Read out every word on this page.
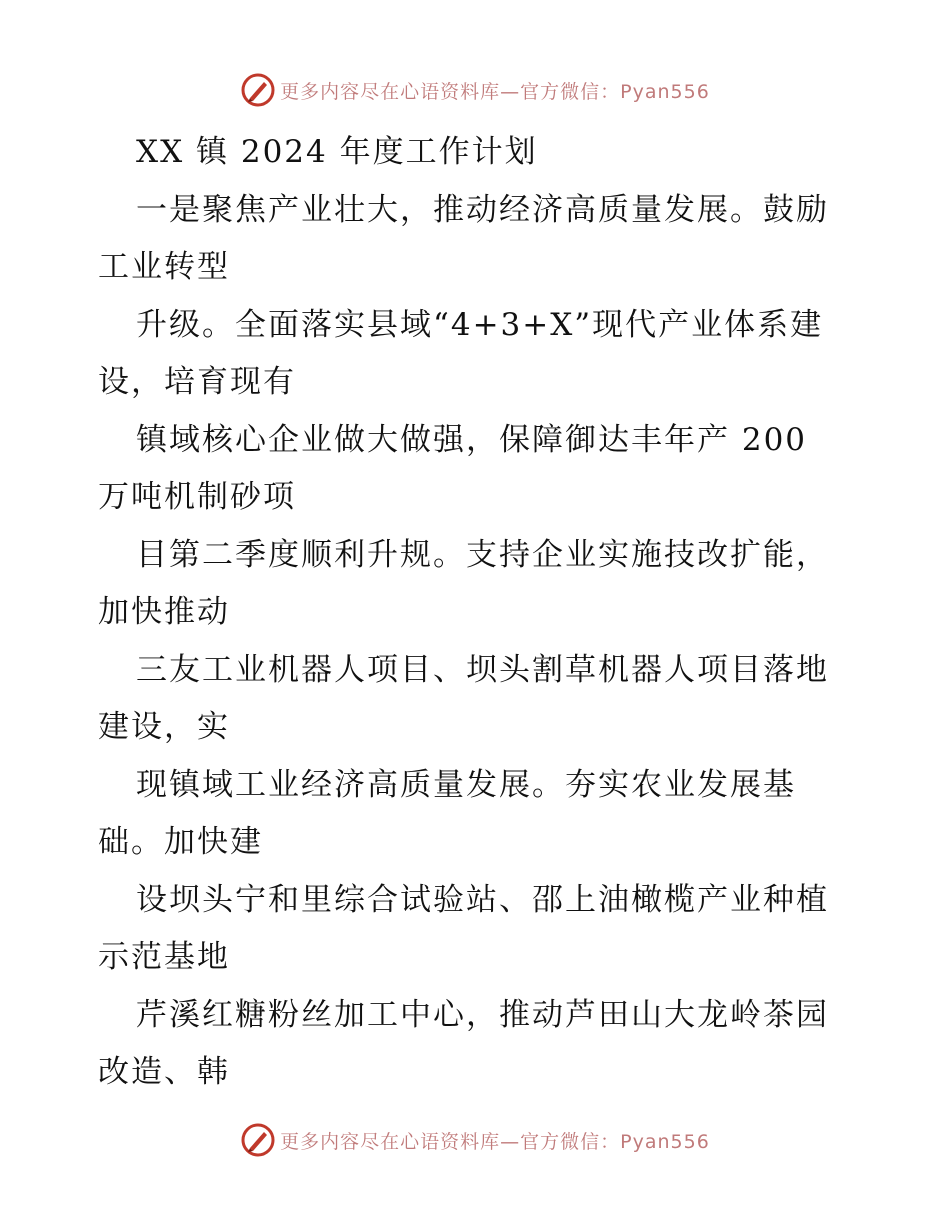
更多内容尽在心语资料库—官方微信：Pyan556
XX 镇 2024 年度工作计划
一是聚焦产业壮大，推动经济高质量发展。鼓励
工业转型
升级。全面落实县域“4+3+X”现代产业体系建
设，培育现有
镇域核心企业做大做强，保障御达丰年产 200
万吨机制砂项
目第二季度顺利升规。支持企业实施技改扩能，
加快推动
三友工业机器人项目、坝头割草机器人项目落地
建设，实
现镇域工业经济高质量发展。夯实农业发展基
础。加快建
设坝头宁和里综合试验站、邵上油橄榄产业种植
示范基地
芹溪红糖粉丝加工中心，推动芦田山大龙岭茶园
改造、韩
更多内容尽在心语资料库—官方微信：Pyan556
